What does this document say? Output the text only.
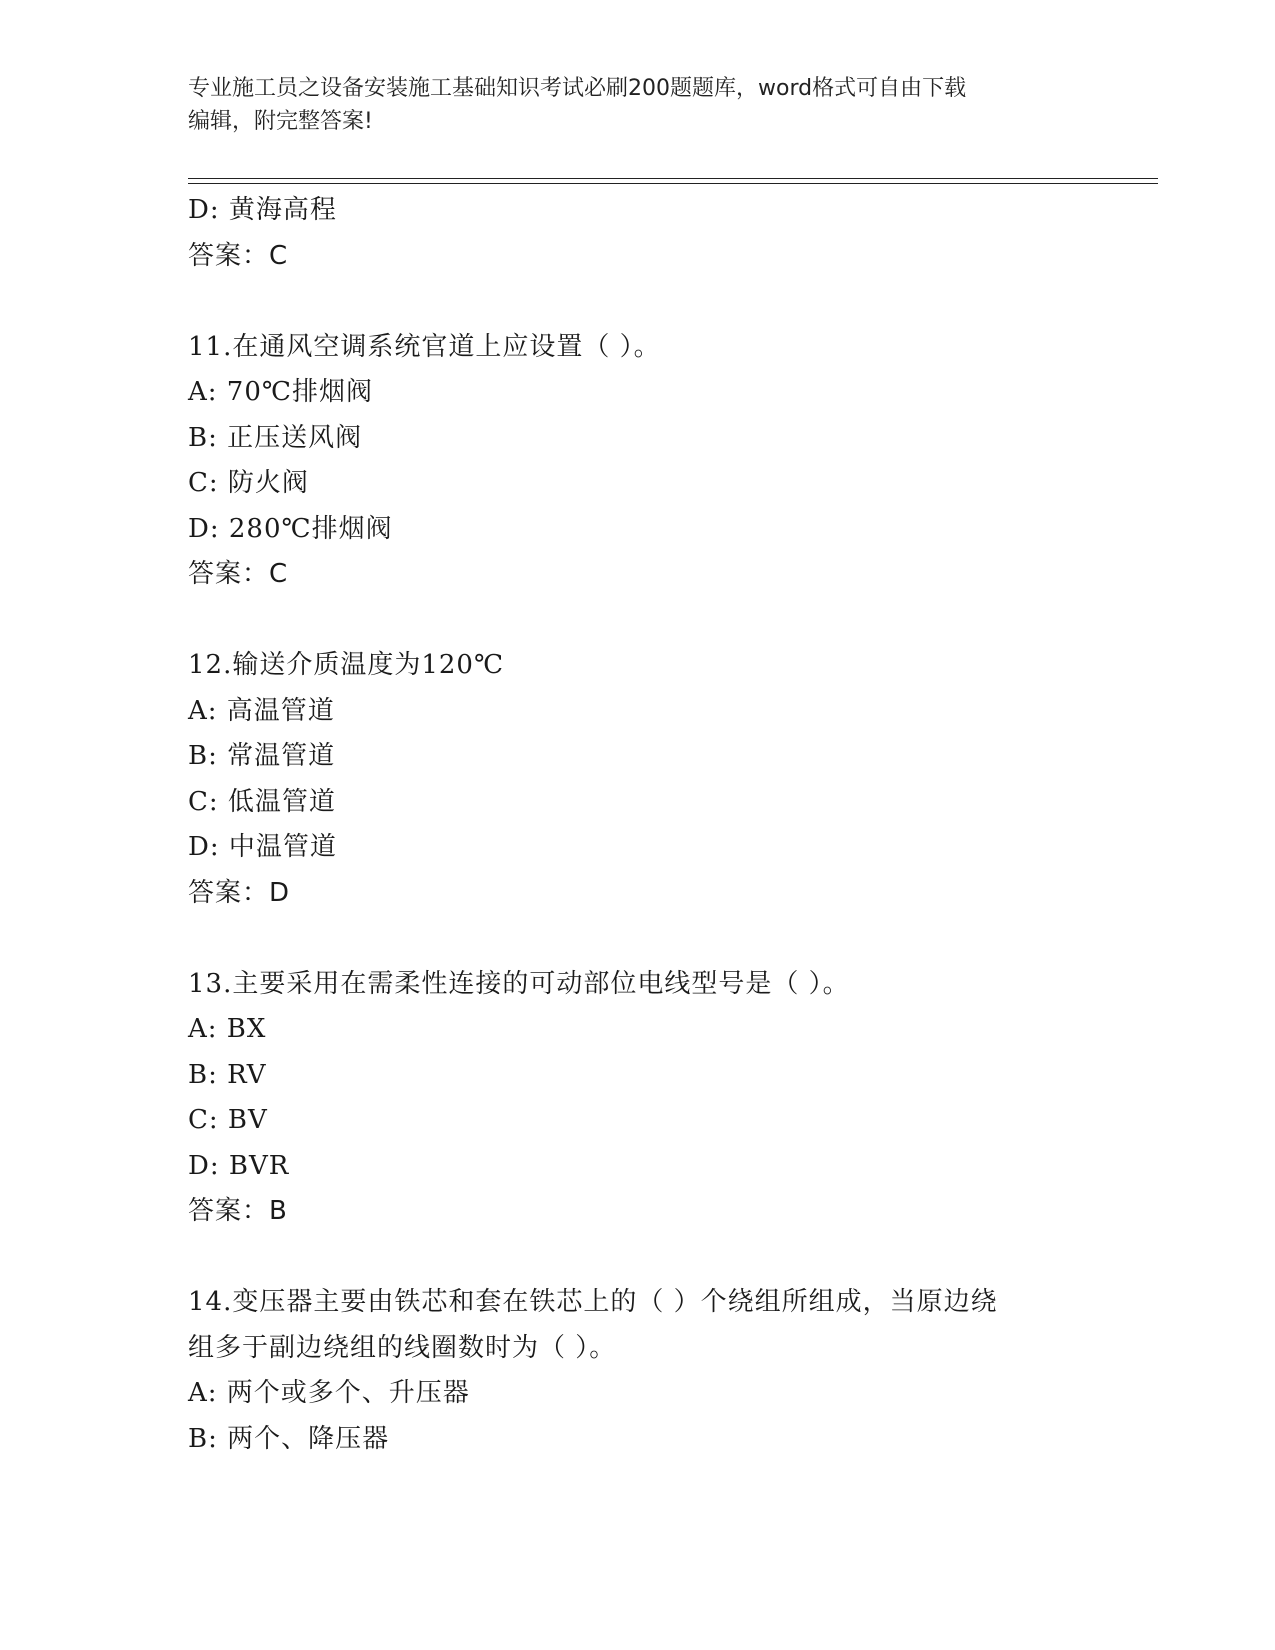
专业施工员之设备安装施工基础知识考试必刷200题题库，word格式可自由下载
编辑，附完整答案!
D: 黄海高程
答案：C
11.在通风空调系统官道上应设置（ ）。
A: 70℃排烟阀
B: 正压送风阀
C: 防火阀
D: 280℃排烟阀
答案：C
12.输送介质温度为120℃
A: 高温管道
B: 常温管道
C: 低温管道
D: 中温管道
答案：D
13.主要采用在需柔性连接的可动部位电线型号是（ ）。
A: BX
B: RV
C: BV
D: BVR
答案：B
14.变压器主要由铁芯和套在铁芯上的（ ）个绕组所组成，当原边绕
组多于副边绕组的线圈数时为（ ）。
A: 两个或多个、升压器
B: 两个、降压器
